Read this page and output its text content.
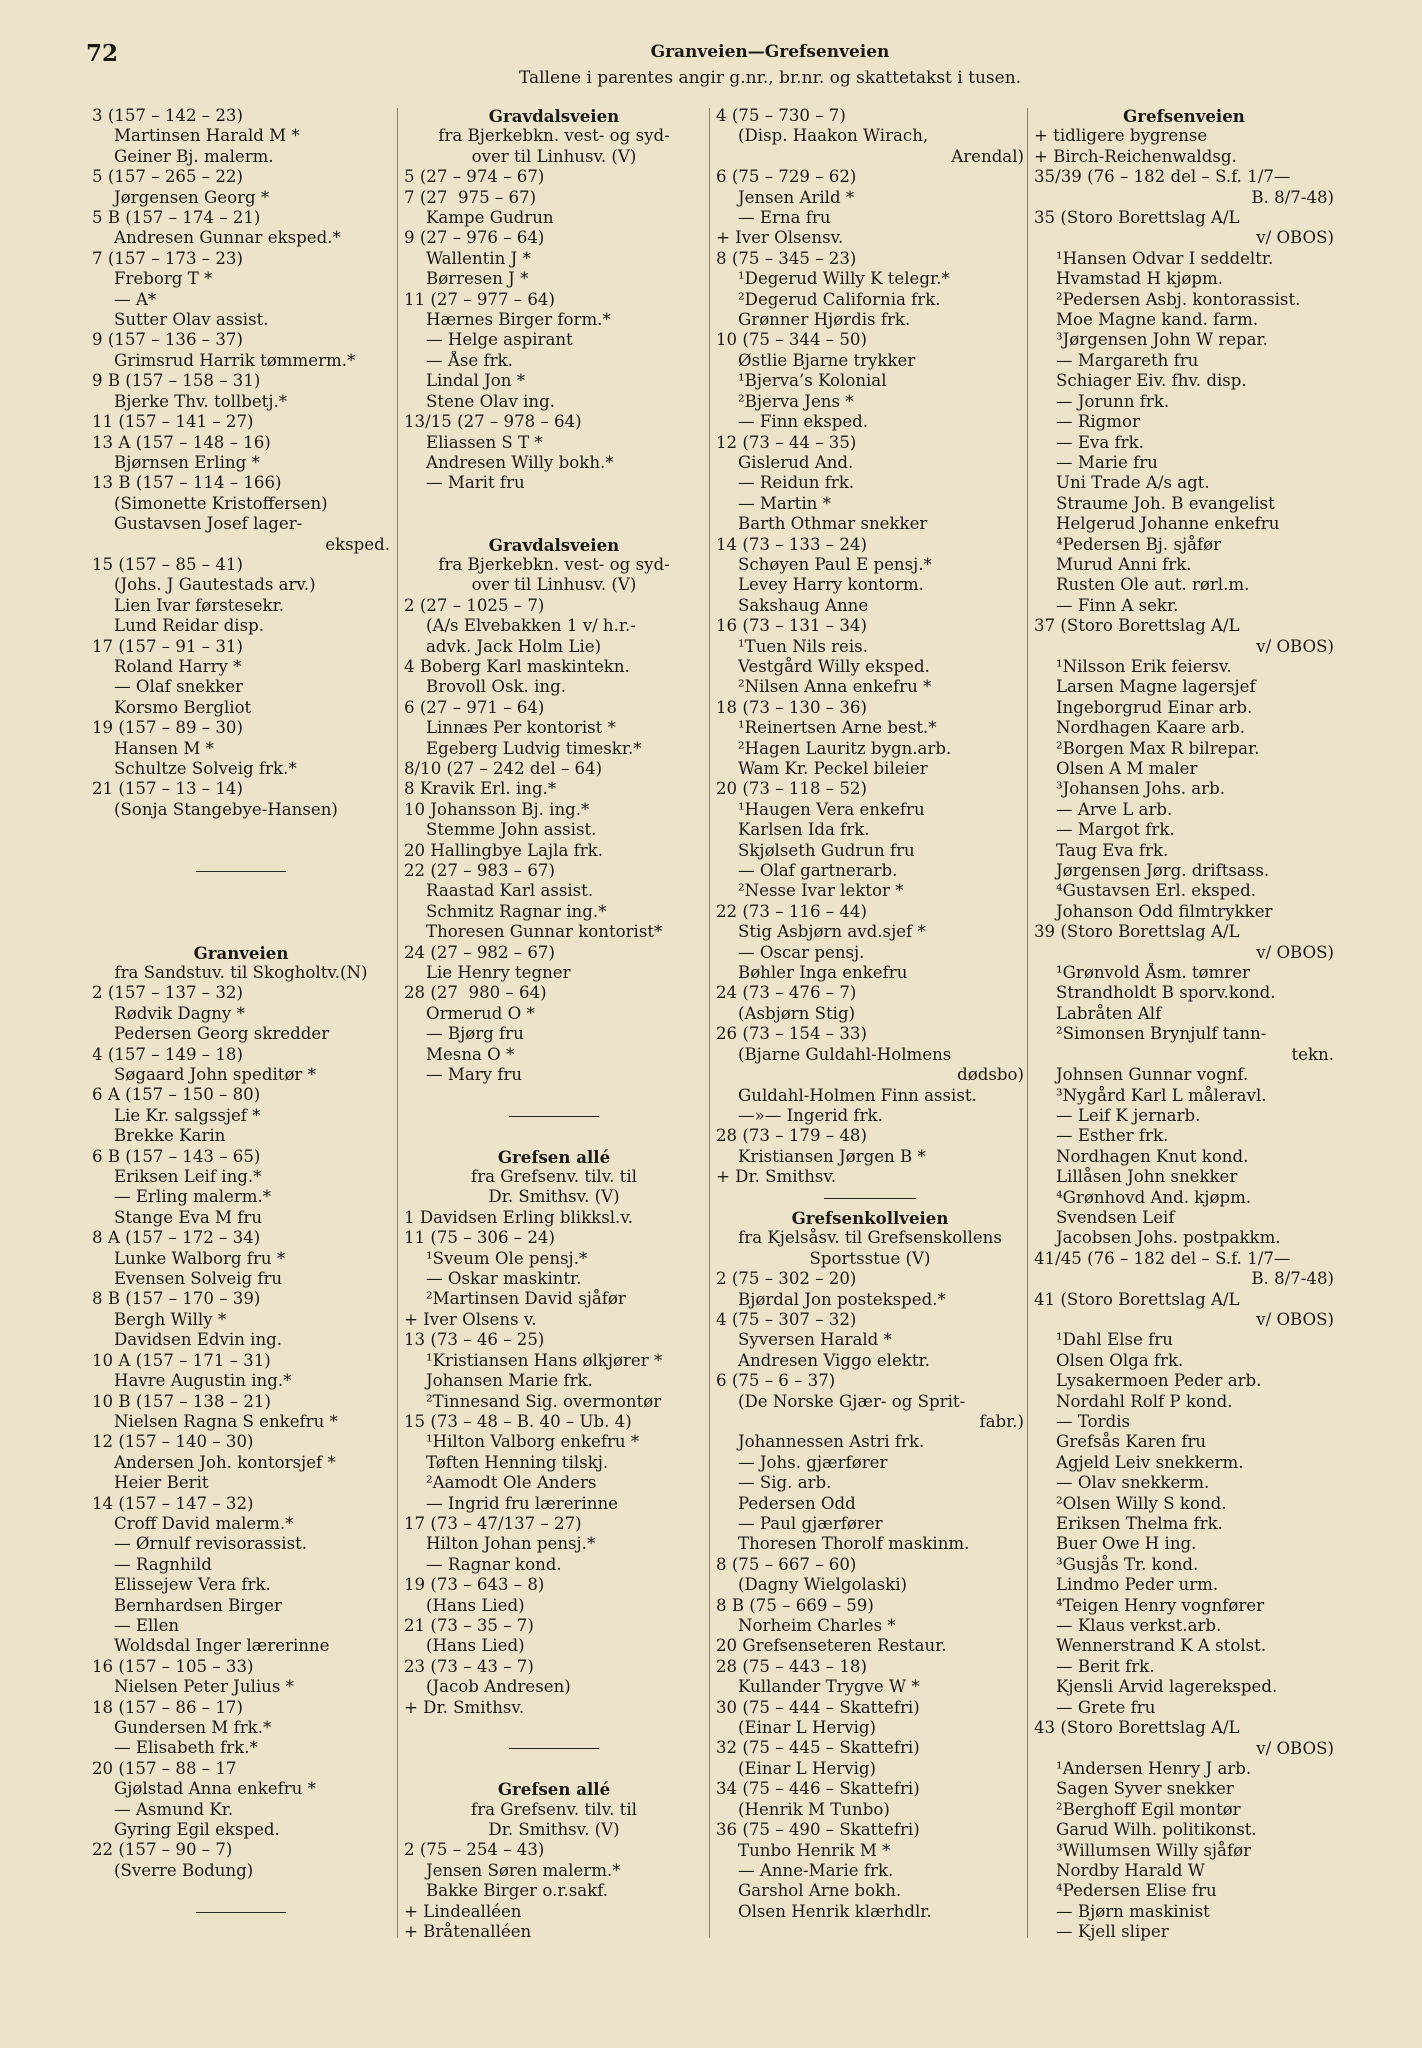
72	Granveien—Grefsenveien
Tallene i parentes angir g.nr., br.nr. og skattetakst i tusen.
3 (157 – 142 – 23)
Martinsen Harald M *
Geiner Bj. malerm.
5 (157 – 265 – 22)
Jørgensen Georg *
5 B (157 – 174 – 21)
Andresen Gunnar eksped.*
7 (157 – 173 – 23)
Freborg T *
— A*
Sutter Olav assist.
9 (157 – 136 – 37)
Grimsrud Harrik tømmerm.*
9 B (157 – 158 – 31)
Bjerke Thv. tollbetj.*
11 (157 – 141 – 27)
13 A (157 – 148 – 16)
Bjørnsen Erling *
13 B (157 – 114 – 166)
(Simonette Kristoffersen)
Gustavsen Josef lager-
eksped.
15 (157 – 85 – 41)
(Johs. J Gautestads arv.)
Lien Ivar førstesekr.
Lund Reidar disp.
17 (157 – 91 – 31)
Roland Harry *
— Olaf snekker
Korsmo Bergliot
19 (157 – 89 – 30)
Hansen M *
Schultze Solveig frk.*
21 (157 – 13 – 14)
(Sonja Stangebye-Hansen)
Granveien
fra Sandstuv. til Skogholtv.(N)
2 (157 – 137 – 32)
Rødvik Dagny *
Pedersen Georg skredder
4 (157 – 149 – 18)
Søgaard John speditør *
6 A (157 – 150 – 80)
Lie Kr. salgssjef *
Brekke Karin
6 B (157 – 143 – 65)
Eriksen Leif ing.*
— Erling malerm.*
Stange Eva M fru
8 A (157 – 172 – 34)
Lunke Walborg fru *
Evensen Solveig fru
8 B (157 – 170 – 39)
Bergh Willy *
Davidsen Edvin ing.
10 A (157 – 171 – 31)
Havre Augustin ing.*
10 B (157 – 138 – 21)
Nielsen Ragna S enkefru *
12 (157 – 140 – 30)
Andersen Joh. kontorsjef *
Heier Berit
14 (157 – 147 – 32)
Croff David malerm.*
— Ørnulf revisorassist.
— Ragnhild
Elissejew Vera frk.
Bernhardsen Birger
— Ellen
Woldsdal Inger lærerinne
16 (157 – 105 – 33)
Nielsen Peter Julius *
18 (157 – 86 – 17)
Gundersen M frk.*
— Elisabeth frk.*
20 (157 – 88 – 17
Gjølstad Anna enkefru *
— Asmund Kr.
Gyring Egil eksped.
22 (157 – 90 – 7)
(Sverre Bodung)
Gravdalsveien
fra Bjerkebkn. vest- og syd-
over til Linhusv. (V)
5 (27 – 974 – 67)
7 (27  975 – 67)
Kampe Gudrun
9 (27 – 976 – 64)
Wallentin J *
Børresen J *
11 (27 – 977 – 64)
Hærnes Birger form.*
— Helge aspirant
— Åse frk.
Lindal Jon *
Stene Olav ing.
13/15 (27 – 978 – 64)
Eliassen S T *
Andresen Willy bokh.*
— Marit fru
Gravdalsveien
fra Bjerkebkn. vest- og syd-
over til Linhusv. (V)
2 (27 – 1025 – 7)
(A/s Elvebakken 1 v/ h.r.-
advk. Jack Holm Lie)
4 Boberg Karl maskintekn.
Brovoll Osk. ing.
6 (27 – 971 – 64)
Linnæs Per kontorist *
Egeberg Ludvig timeskr.*
8/10 (27 – 242 del – 64)
8 Kravik Erl. ing.*
10 Johansson Bj. ing.*
Stemme John assist.
20 Hallingbye Lajla frk.
22 (27 – 983 – 67)
Raastad Karl assist.
Schmitz Ragnar ing.*
Thoresen Gunnar kontorist*
24 (27 – 982 – 67)
Lie Henry tegner
28 (27  980 – 64)
Ormerud O *
— Bjørg fru
Mesna O *
— Mary fru
Grefsen allé
fra Grefsenv. tilv. til
Dr. Smithsv. (V)
1 Davidsen Erling blikksl.v.
11 (75 – 306 – 24)
¹Sveum Ole pensj.*
— Oskar maskintr.
²Martinsen David sjåfør
+ Iver Olsens v.
13 (73 – 46 – 25)
¹Kristiansen Hans ølkjører *
Johansen Marie frk.
²Tinnesand Sig. overmontør
15 (73 – 48 – B. 40 – Ub. 4)
¹Hilton Valborg enkefru *
Tøften Henning tilskj.
²Aamodt Ole Anders
— Ingrid fru lærerinne
17 (73 – 47/137 – 27)
Hilton Johan pensj.*
— Ragnar kond.
19 (73 – 643 – 8)
(Hans Lied)
21 (73 – 35 – 7)
(Hans Lied)
23 (73 – 43 – 7)
(Jacob Andresen)
+ Dr. Smithsv.
Grefsen allé
fra Grefsenv. tilv. til
Dr. Smithsv. (V)
2 (75 – 254 – 43)
Jensen Søren malerm.*
Bakke Birger o.r.sakf.
+ Lindealléen
+ Bråtenalléen
4 (75 – 730 – 7)
(Disp. Haakon Wirach,
Arendal)
6 (75 – 729 – 62)
Jensen Arild *
— Erna fru
+ Iver Olsensv.
8 (75 – 345 – 23)
¹Degerud Willy K telegr.*
²Degerud California frk.
Grønner Hjørdis frk.
10 (75 – 344 – 50)
Østlie Bjarne trykker
¹Bjerva’s Kolonial
²Bjerva Jens *
— Finn eksped.
12 (73 – 44 – 35)
Gislerud And.
— Reidun frk.
— Martin *
Barth Othmar snekker
14 (73 – 133 – 24)
Schøyen Paul E pensj.*
Levey Harry kontorm.
Sakshaug Anne
16 (73 – 131 – 34)
¹Tuen Nils reis.
Vestgård Willy eksped.
²Nilsen Anna enkefru *
18 (73 – 130 – 36)
¹Reinertsen Arne best.*
²Hagen Lauritz bygn.arb.
Wam Kr. Peckel bileier
20 (73 – 118 – 52)
¹Haugen Vera enkefru
Karlsen Ida frk.
Skjølseth Gudrun fru
— Olaf gartnerarb.
²Nesse Ivar lektor *
22 (73 – 116 – 44)
Stig Asbjørn avd.sjef *
— Oscar pensj.
Bøhler Inga enkefru
24 (73 – 476 – 7)
(Asbjørn Stig)
26 (73 – 154 – 33)
(Bjarne Guldahl-Holmens
dødsbo)
Guldahl-Holmen Finn assist.
—»— Ingerid frk.
28 (73 – 179 – 48)
Kristiansen Jørgen B *
+ Dr. Smithsv.
Grefsenkollveien
fra Kjelsåsv. til Grefsenskollens
Sportsstue (V)
2 (75 – 302 – 20)
Bjørdal Jon posteksped.*
4 (75 – 307 – 32)
Syversen Harald *
Andresen Viggo elektr.
6 (75 – 6 – 37)
(De Norske Gjær- og Sprit-
fabr.)
Johannessen Astri frk.
— Johs. gjærfører
— Sig. arb.
Pedersen Odd
— Paul gjærfører
Thoresen Thorolf maskinm.
8 (75 – 667 – 60)
(Dagny Wielgolaski)
8 B (75 – 669 – 59)
Norheim Charles *
20 Grefsenseteren Restaur.
28 (75 – 443 – 18)
Kullander Trygve W *
30 (75 – 444 – Skattefri)
(Einar L Hervig)
32 (75 – 445 – Skattefri)
(Einar L Hervig)
34 (75 – 446 – Skattefri)
(Henrik M Tunbo)
36 (75 – 490 – Skattefri)
Tunbo Henrik M *
— Anne-Marie frk.
Garshol Arne bokh.
Olsen Henrik klærhdlr.
Grefsenveien
+ tidligere bygrense
+ Birch-Reichenwaldsg.
35/39 (76 – 182 del – S.f. 1/7—
B. 8/7-48)
35 (Storo Borettslag A/L
v/ OBOS)
¹Hansen Odvar I seddeltr.
Hvamstad H kjøpm.
²Pedersen Asbj. kontorassist.
Moe Magne kand. farm.
³Jørgensen John W repar.
— Margareth fru
Schiager Eiv. fhv. disp.
— Jorunn frk.
— Rigmor
— Eva frk.
— Marie fru
Uni Trade A/s agt.
Straume Joh. B evangelist
Helgerud Johanne enkefru
⁴Pedersen Bj. sjåfør
Murud Anni frk.
Rusten Ole aut. rørl.m.
— Finn A sekr.
37 (Storo Borettslag A/L
v/ OBOS)
¹Nilsson Erik feiersv.
Larsen Magne lagersjef
Ingeborgrud Einar arb.
Nordhagen Kaare arb.
²Borgen Max R bilrepar.
Olsen A M maler
³Johansen Johs. arb.
— Arve L arb.
— Margot frk.
Taug Eva frk.
Jørgensen Jørg. driftsass.
⁴Gustavsen Erl. eksped.
Johanson Odd filmtrykker
39 (Storo Borettslag A/L
v/ OBOS)
¹Grønvold Åsm. tømrer
Strandholdt B sporv.kond.
Labråten Alf
²Simonsen Brynjulf tann-
tekn.
Johnsen Gunnar vognf.
³Nygård Karl L måleravl.
— Leif K jernarb.
— Esther frk.
Nordhagen Knut kond.
Lillåsen John snekker
⁴Grønhovd And. kjøpm.
Svendsen Leif
Jacobsen Johs. postpakkm.
41/45 (76 – 182 del – S.f. 1/7—
B. 8/7-48)
41 (Storo Borettslag A/L
v/ OBOS)
¹Dahl Else fru
Olsen Olga frk.
Lysakermoen Peder arb.
Nordahl Rolf P kond.
— Tordis
Grefsås Karen fru
Agjeld Leiv snekkerm.
— Olav snekkerm.
²Olsen Willy S kond.
Eriksen Thelma frk.
Buer Owe H ing.
³Gusjås Tr. kond.
Lindmo Peder urm.
⁴Teigen Henry vognfører
— Klaus verkst.arb.
Wennerstrand K A stolst.
— Berit frk.
Kjensli Arvid lagereksped.
— Grete fru
43 (Storo Borettslag A/L
v/ OBOS)
¹Andersen Henry J arb.
Sagen Syver snekker
²Berghoff Egil montør
Garud Wilh. politikonst.
³Willumsen Willy sjåfør
Nordby Harald W
⁴Pedersen Elise fru
— Bjørn maskinist
— Kjell sliper
